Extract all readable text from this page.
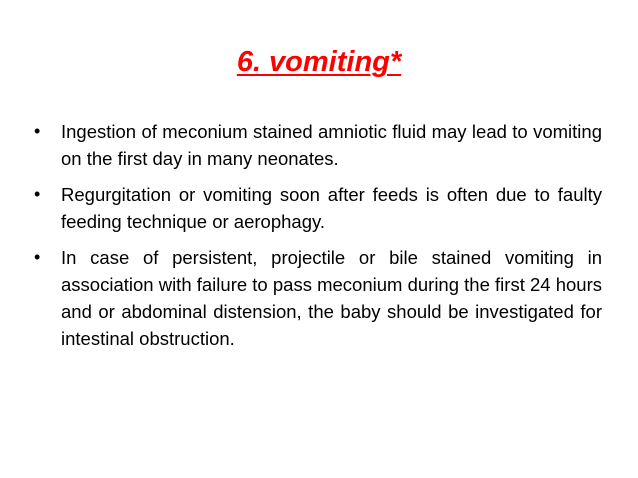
6. vomiting*
•	Ingestion of meconium stained amniotic fluid may lead to vomiting on the first day in many neonates.
•	Regurgitation or vomiting soon after feeds is often due to faulty feeding technique or aerophagy.
•	In case of persistent, projectile or bile stained vomiting in association with failure to pass meconium during the first 24 hours and or abdominal distension, the baby should be investigated for intestinal obstruction.
